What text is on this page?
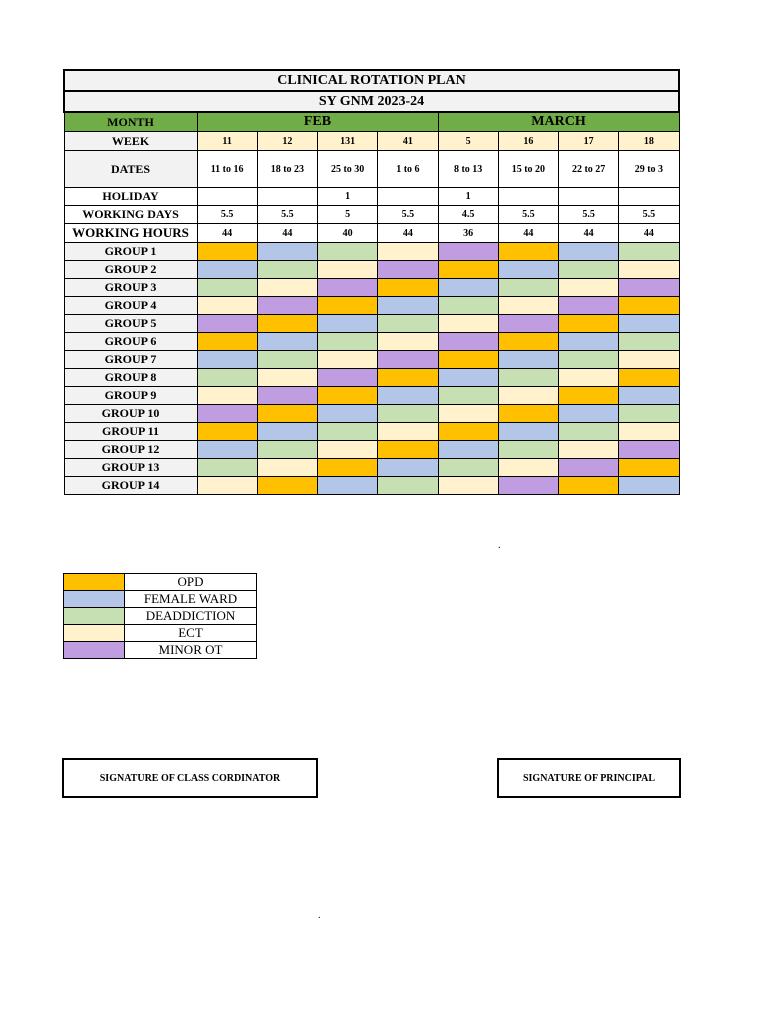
CLINICAL ROTATION PLAN								
SY GNM 2023-24								
MONTH	FEB				MARCH			
WEEK	11	12	131	41	5	16	17	18
DATES	11 to 16	18 to 23	25 to 30	1 to 6	8 to 13	15 to 20	22 to 27	29 to 3
HOLIDAY			1		1			
WORKING DAYS	5.5	5.5	5	5.5	4.5	5.5	5.5	5.5
WORKING HOURS	44	44	40	44	36	44	44	44
GROUP 1								
GROUP 2								
GROUP 3								
GROUP 4								
GROUP 5								
GROUP 6								
GROUP 7								
GROUP 8								
GROUP 9								
GROUP 10								
GROUP 11								
GROUP 12								
GROUP 13								
GROUP 14								
	OPD
	FEMALE WARD
	DEADDICTION
	ECT
	MINOR OT
.
.
SIGNATURE OF CLASS CORDINATOR	SIGNATURE OF PRINCIPAL
